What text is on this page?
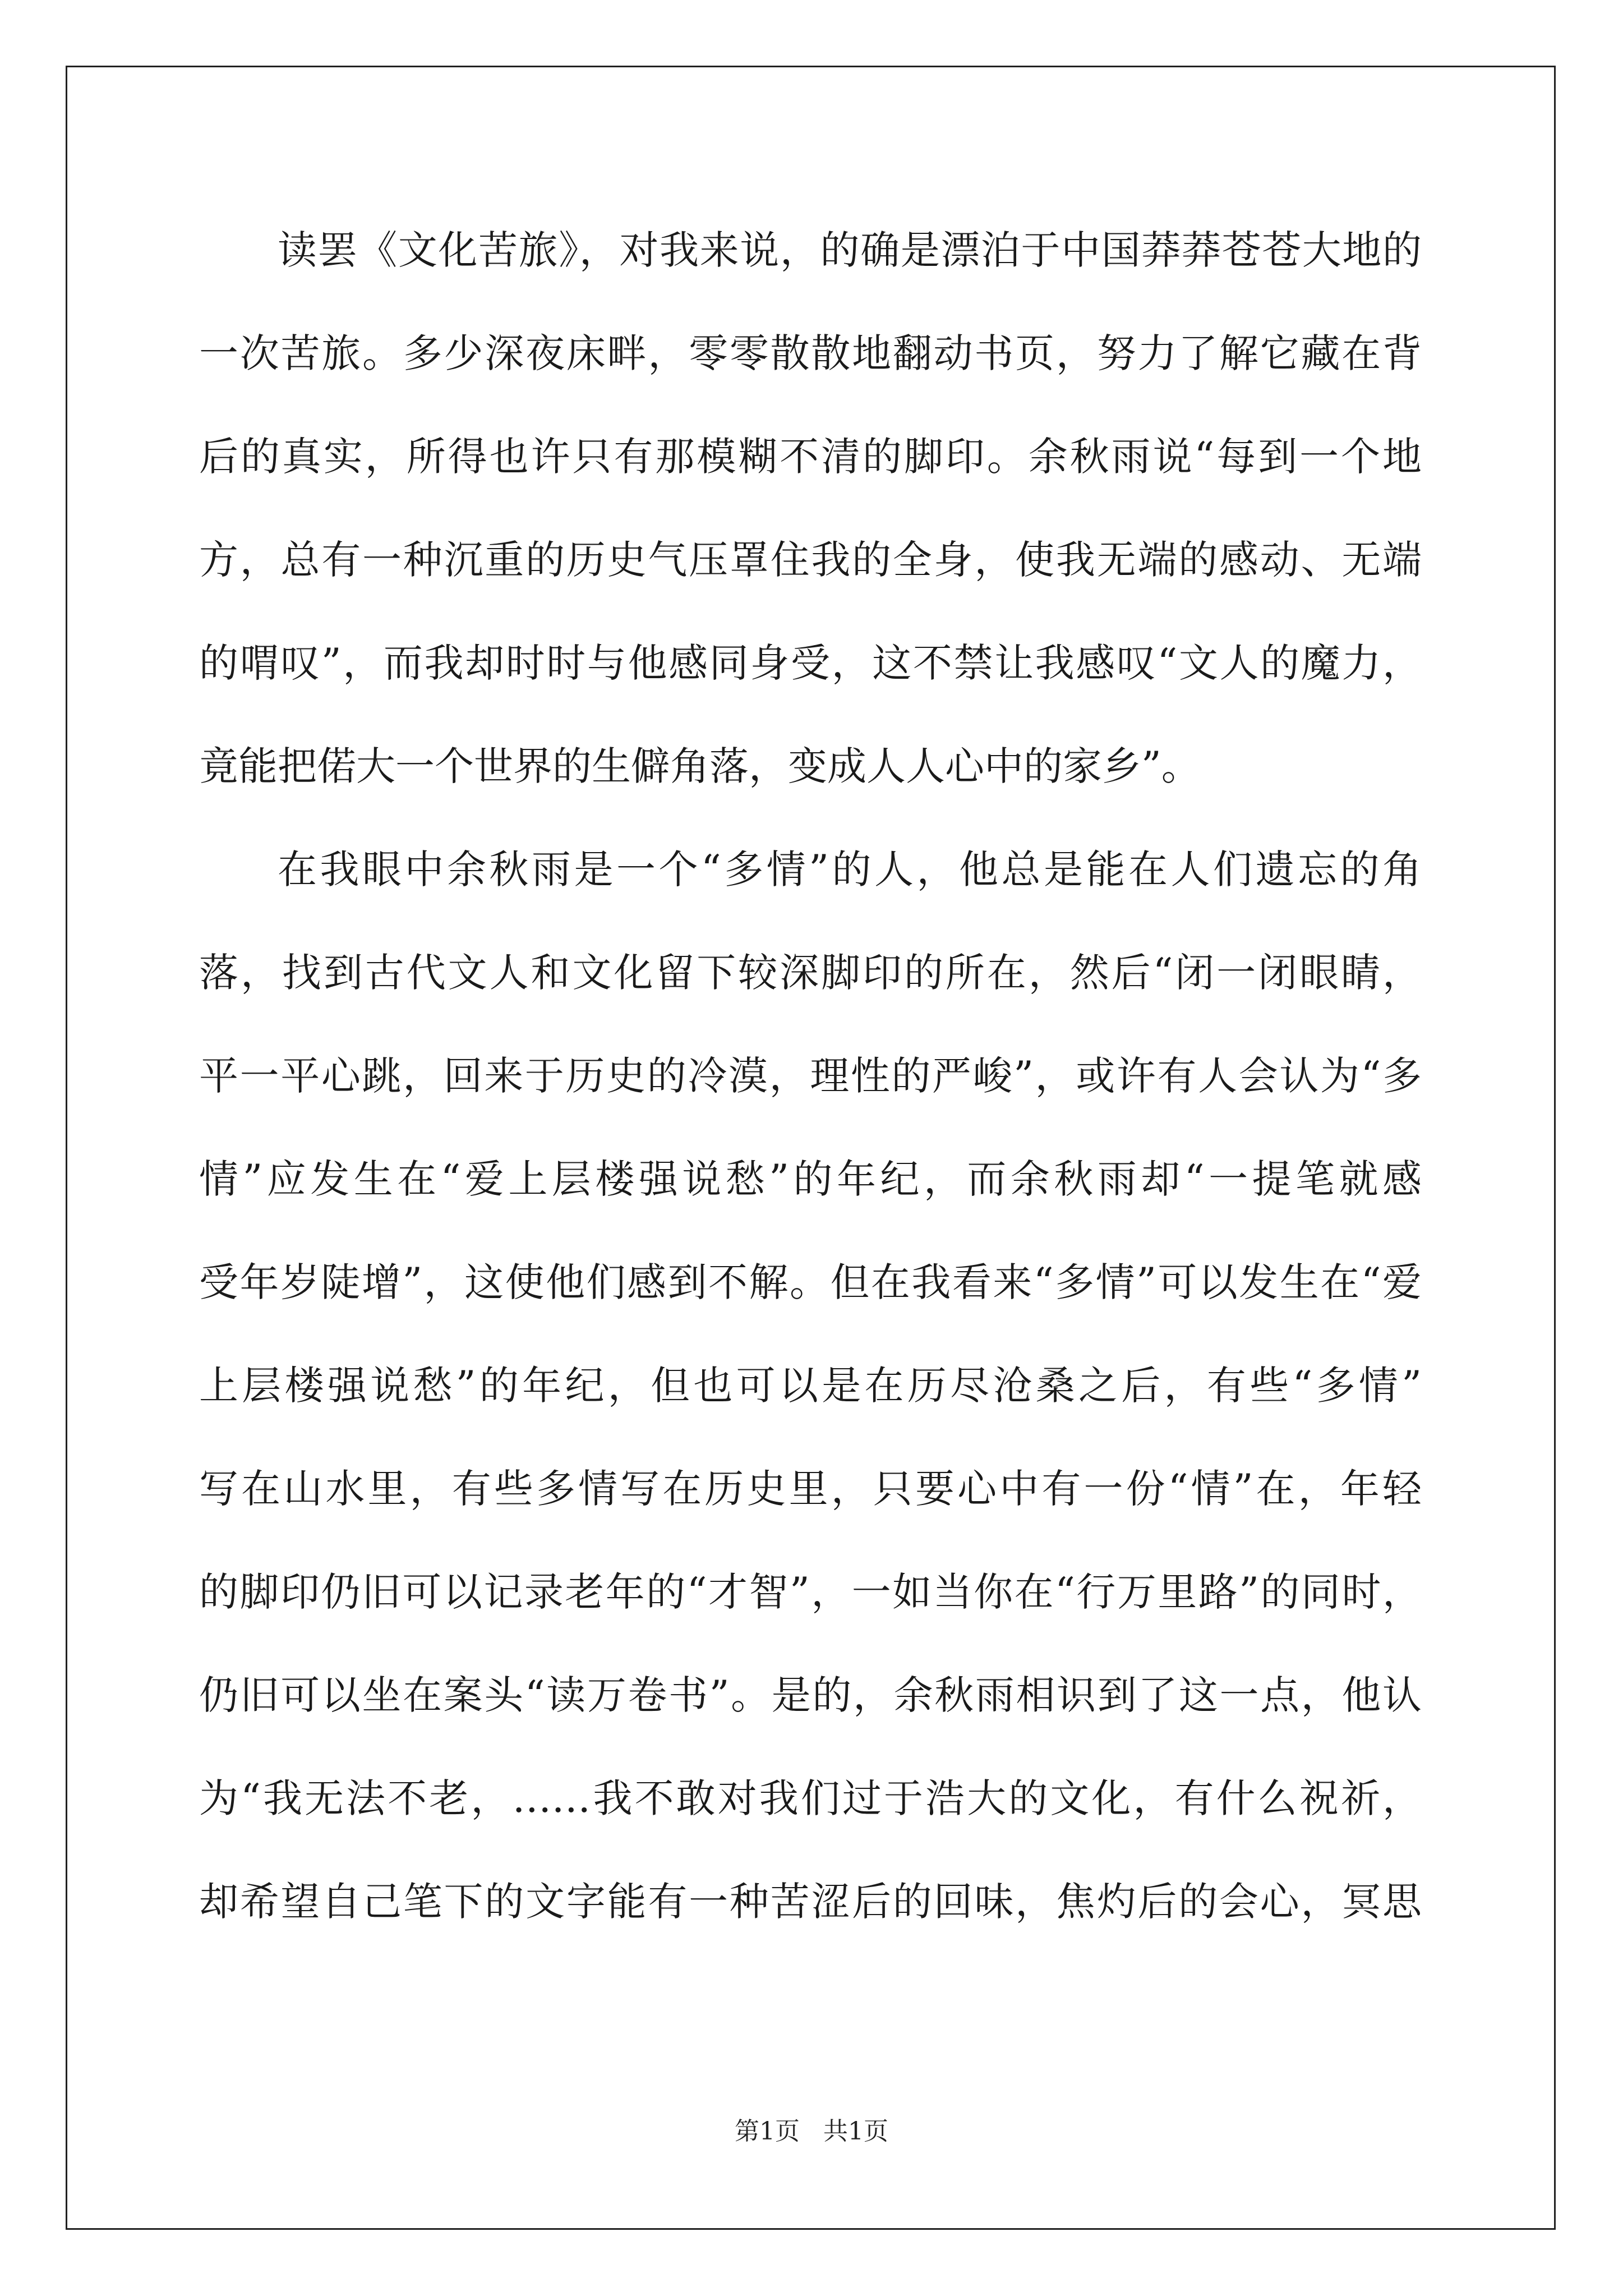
读罢《文化苦旅》，对我来说，的确是漂泊于中国莽莽苍苍大地的
一次苦旅。多少深夜床畔，零零散散地翻动书页，努力了解它藏在背
后的真实，所得也许只有那模糊不清的脚印。余秋雨说“每到一个地
方，总有一种沉重的历史气压罩住我的全身，使我无端的感动、无端
的喟叹”，而我却时时与他感同身受，这不禁让我感叹“文人的魔力，
竟能把偌大一个世界的生僻角落，变成人人心中的家乡”。
在我眼中余秋雨是一个“多情”的人，他总是能在人们遗忘的角
落，找到古代文人和文化留下较深脚印的所在，然后“闭一闭眼睛，
平一平心跳，回来于历史的冷漠，理性的严峻”，或许有人会认为“多
情”应发生在“爱上层楼强说愁”的年纪，而余秋雨却“一提笔就感
受年岁陡增”，这使他们感到不解。但在我看来“多情”可以发生在“爱
上层楼强说愁”的年纪，但也可以是在历尽沧桑之后，有些“多情”
写在山水里，有些多情写在历史里，只要心中有一份“情”在，年轻
的脚印仍旧可以记录老年的“才智”，一如当你在“行万里路”的同时，
仍旧可以坐在案头“读万卷书”。是的，余秋雨相识到了这一点，他认
为“我无法不老，……我不敢对我们过于浩大的文化，有什么祝祈，
却希望自己笔下的文字能有一种苦涩后的回味，焦灼后的会心，冥思
第1页   共1页
